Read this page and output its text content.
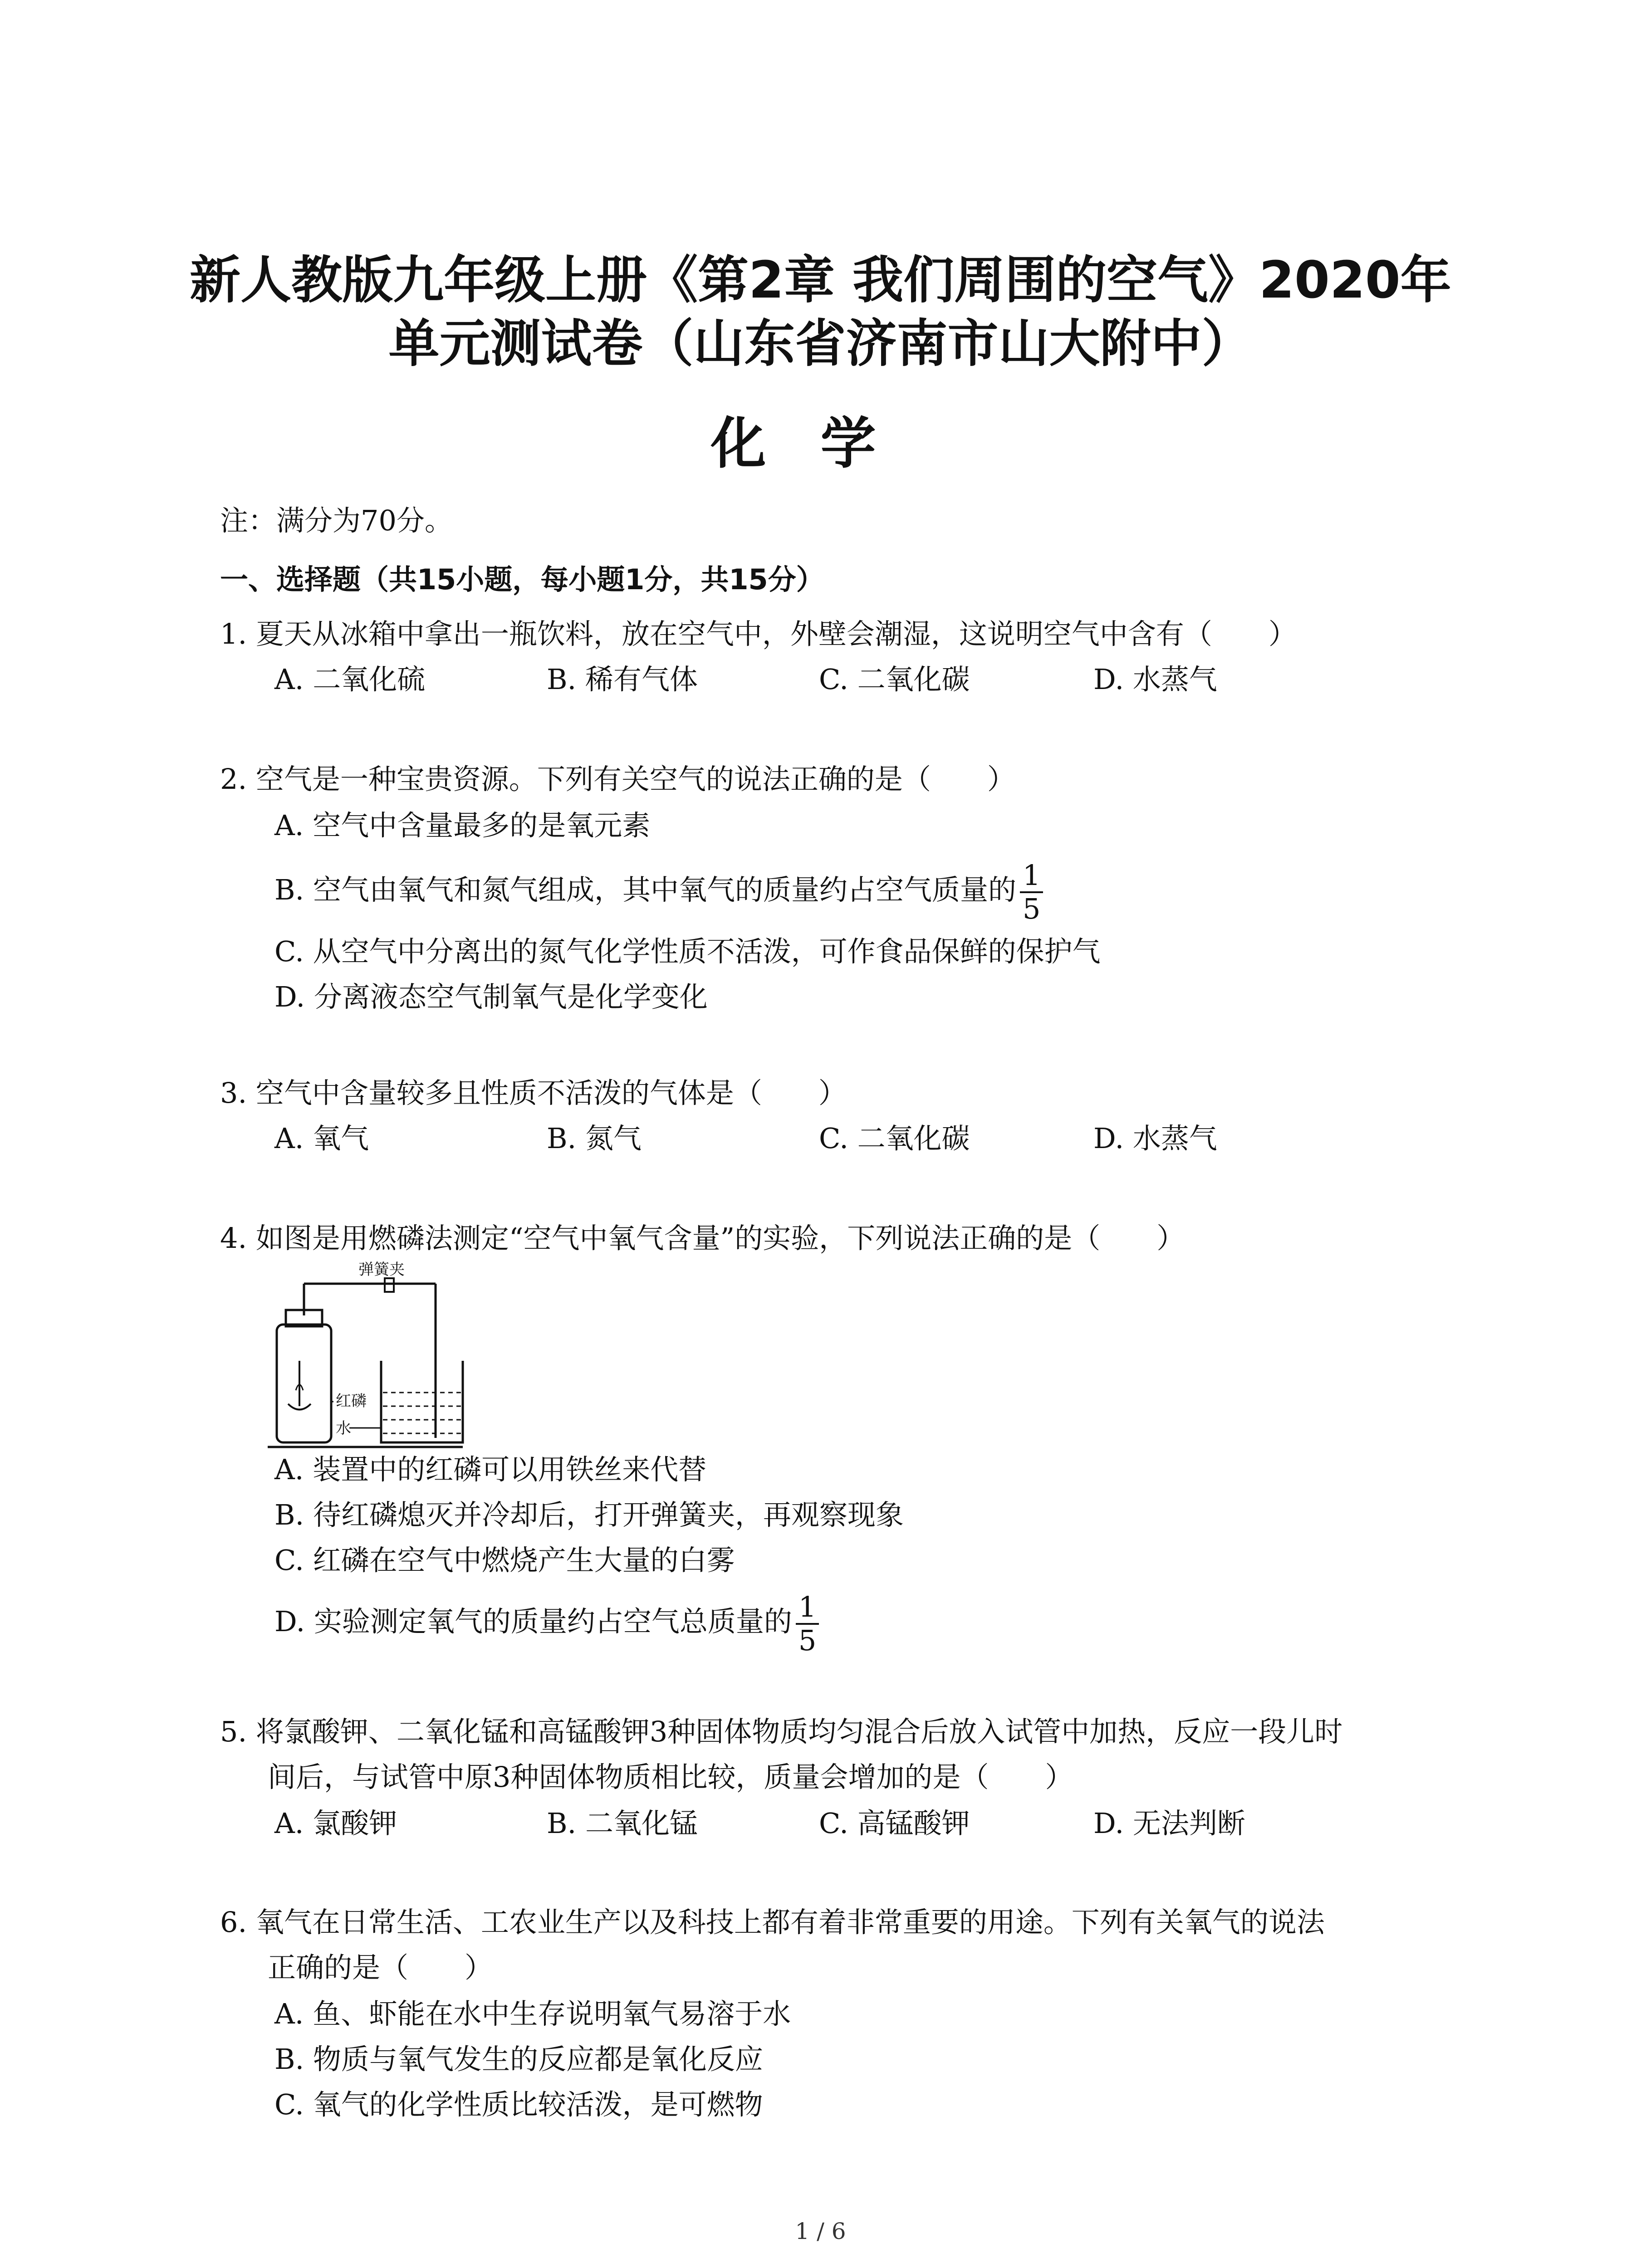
新人教版九年级上册《第2章 我们周围的空气》2020年
单元测试卷（山东省济南市山大附中）
化学
注：满分为70分。
一、选择题（共15小题，每小题1分，共15分）
1. 夏天从冰箱中拿出一瓶饮料，放在空气中，外壁会潮湿，这说明空气中含有（　　）
A. 二氧化硫	B. 稀有气体	C. 二氧化碳	D. 水蒸气
2. 空气是一种宝贵资源。下列有关空气的说法正确的是（　　）
A. 空气中含量最多的是氧元素
B. 空气由氧气和氮气组成，其中氧气的质量约占空气质量的 $\frac{1}{5}$
C. 从空气中分离出的氮气化学性质不活泼，可作食品保鲜的保护气
D. 分离液态空气制氧气是化学变化
3. 空气中含量较多且性质不活泼的气体是（　　）
A. 氧气	B. 氮气	C. 二氧化碳	D. 水蒸气
4. 如图是用燃磷法测定“空气中氧气含量”的实验，下列说法正确的是（　　）
弹簧夹
红磷
水
A. 装置中的红磷可以用铁丝来代替
B. 待红磷熄灭并冷却后，打开弹簧夹，再观察现象
C. 红磷在空气中燃烧产生大量的白雾
D. 实验测定氧气的质量约占空气总质量的 $\frac{1}{5}$
5. 将氯酸钾、二氧化锰和高锰酸钾3种固体物质均匀混合后放入试管中加热，反应一段儿时
间后，与试管中原3种固体物质相比较，质量会增加的是（　　）
A. 氯酸钾	B. 二氧化锰	C. 高锰酸钾	D. 无法判断
6. 氧气在日常生活、工农业生产以及科技上都有着非常重要的用途。下列有关氧气的说法
正确的是（　　）
A. 鱼、虾能在水中生存说明氧气易溶于水
B. 物质与氧气发生的反应都是氧化反应
C. 氧气的化学性质比较活泼，是可燃物
1 / 6
